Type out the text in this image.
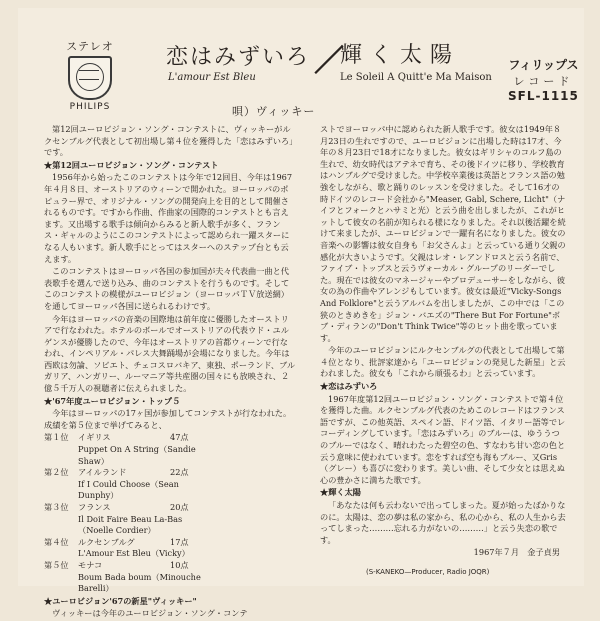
ステレオ
PHILIPS
恋はみずいろ
L'amour Est Bleu ／
輝く太陽
Le Soleil A Quitt'e Ma Maison
唄）ヴィッキー
フィリップス
レコード
SFL-1115

第12回ユーロビジョン・ソング・コンテストに、ヴィッキーがルクセンブルグ代表として初出場し第４位を獲得した「恋はみずいろ」です。

★第12回ユーロビジョン・ソング・コンテスト

1956年から始ったこのコンテストは今年で12回目、今年は1967年４月８日、オーストリアのウィーンで開かれた。ヨーロッパのポピュラー界で、オリジナル・ソングの開発向上を目的として開催されるものです。ですから作曲、作曲家の国際的コンテストとも言えます。又出場する歌手は傾向からみると新人歌手が多く、フランス・ギャルのようにこのコンテストによって認められ一躍スターになる人もいます。新人歌手にとってはスターへのステップ台とも云えます。

このコンテストはヨーロッパ各国の参加国が夫々代表曲一曲と代表歌手を選んで送り込み、曲のコンテストを行うものです。そしてこのコンテストの模様がユーロビジョン（ヨーロッパＴＶ放送網）を通してヨーロッパ各国に送られるわけです。

今年はヨーロッパの音楽の国際地は前年度に優勝したオーストリアで行なわれた。ホテルのボールでオーストリアの代表ウド・ユルゲンスが優勝したので、今年はオーストリアの首都ウィーンで行なわれ、インペリアル・パレス大舞踊場が会場になりました。今年は西欧は勿論、ソビエト、チェコスロバキア、東独、ポーランド、ブルガリア、ハンガリー、ルーマニア等共産圏の国々にも放映され、２億５千万人の視聴者に伝えられました。

★'67年度ユーロビジョン・トップ５

今年はヨーロッパの17ヶ国が参加してコンテストが行なわれた。成績を第５位まで挙げてみると、

第１位	イギリス	47点
Puppet On A String（Sandie Shaw）		
第２位	アイルランド	22点
If I Could Choose（Sean Dunphy）		
第３位	フランス	20点
Il Doit Faire Beau La-Bas（Noelle Cordier）		
第４位	ルクセンブルグ	17点
L'Amour Est Bleu（Vicky）		
第５位	モナコ	10点
Boum Bada boum（Minouche Barelli）		
★ユーロビジョン'67の新星"ヴィッキー"

ヴィッキーは今年のユーロビジョン・ソング・コンテ

ストでヨーロッパ中に認められた新人歌手です。彼女は1949年８月23日の生れですので、ユーロビジョンに出場した時は17才、今年の８月23日で18才になりました。彼女はギリシャのコルフ島の生れで、幼女時代はアテネで育ち、その後ドイツに移り、学校教育はハンブルグで受けました。中学校卒業後は英語とフランス語の勉強をしながら、歌と踊りのレッスンを受けました。そして16才の時ドイツのレコード会社から"Measer, Gabl, Schere, Licht"（ナイフとフォークとハサミと光）と云う曲を出しましたが、これがヒットして彼女の名前が知られる様になりました。それ以後活躍を続けて来ましたが、ユーロビジョンで一躍有名になりました。彼女の音楽への影響は彼女自身も「お父さんよ」と云っている通り父親の感化が大きいようです。父親はレオ・レアンドロスと云う名前で、ファイブ・トップスと云うヴォーカル・グループのリーダーでした。現在では彼女のマネージャーやプロデューサーをしながら、彼女の為の作曲やアレンジもしています。彼女は最近"Vicky-Songs And Folklore"と云うアルバムを出しましたが、この中では「この狭のときめきを」ジョン・バエズの"There But For Fortune"ボブ・ディランの"Don't Think Twice"等のヒット曲を歌っています。

今年のユーロビジョンにルクセンブルグの代表として出場して第４位となり、批評家達から「ユーロビジョンの発見した新星」と云われました。彼女も「これから頑張るわ」と云っています。

★恋はみずいろ

1967年度第12回ユーロビジョン・ソング・コンテストで第４位を獲得した曲。ルクセンブルグ代表のためこのレコードはフランス語ですが、この他英語、スペイン語、ドイツ語、イタリー語等でレコーディングしています。「恋はみずいろ」のブルーは、ゆううつのブルーではなく、晴れわたった碧空の色、すなわち甘い恋の色と云う意味に使われています。恋をすれば空も海もブルー、又Gris（グレー）も喜びに変わります。美しい曲、そして少女とは思えぬ心の豊かさに満ちた歌です。

★輝く太陽

「あなたは何も云わないで出ってしまった。夏が始ったばかりなのに。太陽は、恋の夢は私の家から、私の心から、私の人生から去ってしまった………忘れる力がないの………」と云う失恋の歌です。

1967年７月　金子貞男
(S-KANEKO—Producer, Radio JOQR)
